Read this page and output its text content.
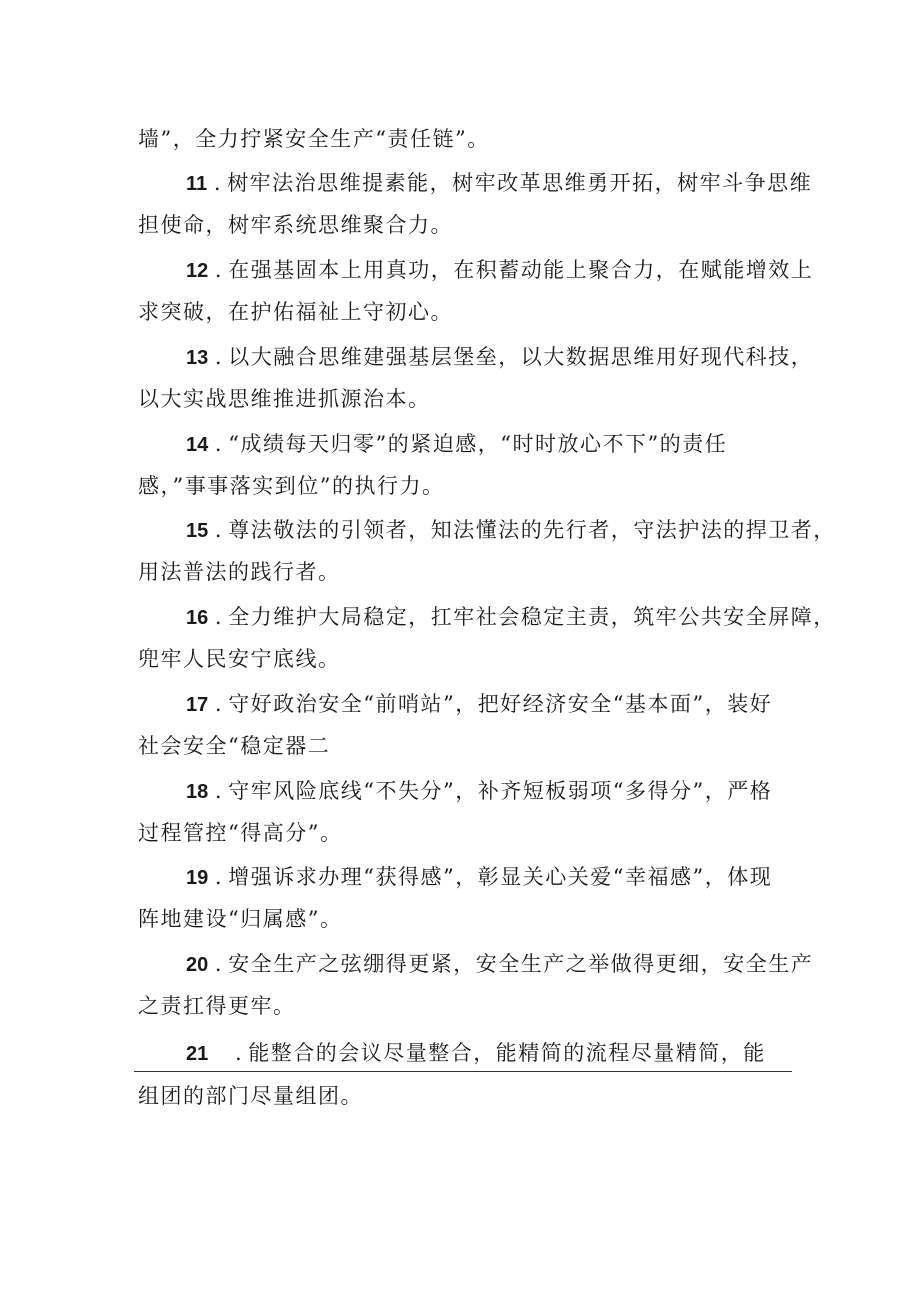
墙”，全力拧紧安全生产“责任链”。
11 . 树牢法治思维提素能，树牢改革思维勇开拓，树牢斗争思维
担使命，树牢系统思维聚合力。
12 . 在强基固本上用真功，在积蓄动能上聚合力，在赋能增效上
求突破，在护佑福祉上守初心。
13 . 以大融合思维建强基层堡垒，以大数据思维用好现代科技，
以大实战思维推进抓源治本。
14 . “成绩每天归零”的紧迫感，“时时放心不下”的责任
感，”事事落实到位”的执行力。
15 . 尊法敬法的引领者，知法懂法的先行者，守法护法的捍卫者，
用法普法的践行者。
16 . 全力维护大局稳定，扛牢社会稳定主责，筑牢公共安全屏障，
兜牢人民安宁底线。
17 . 守好政治安全“前哨站”，把好经济安全“基本面”，装好
社会安全“稳定器二
18 . 守牢风险底线“不失分”，补齐短板弱项“多得分”，严格
过程管控“得高分”。
19 . 增强诉求办理“获得感”，彰显关心关爱“幸福感”，体现
阵地建设“归属感”。
20 . 安全生产之弦绷得更紧，安全生产之举做得更细，安全生产
之责扛得更牢。
21    . 能整合的会议尽量整合，能精简的流程尽量精简，能
组团的部门尽量组团。
